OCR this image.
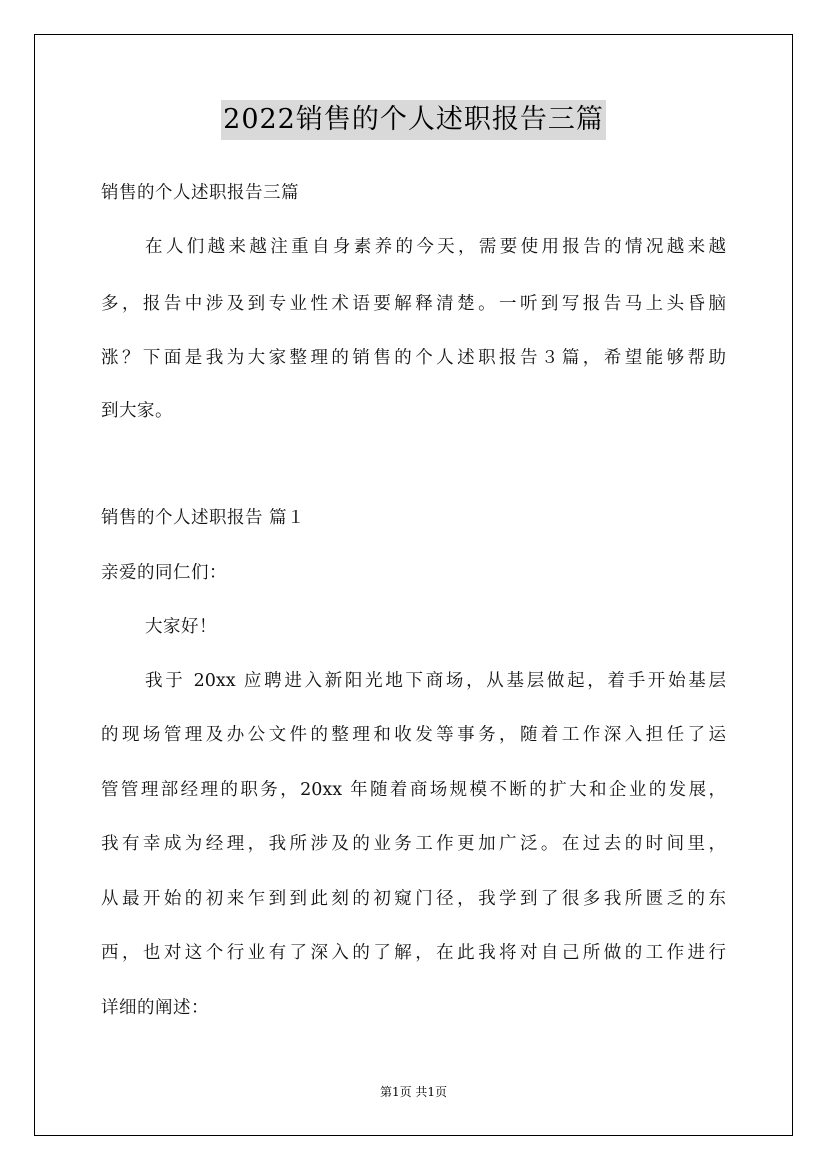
2022销售的个人述职报告三篇
销售的个人述职报告三篇
在人们越来越注重自身素养的今天，需要使用报告的情况越来越
多，报告中涉及到专业性术语要解释清楚。一听到写报告马上头昏脑
涨？下面是我为大家整理的销售的个人述职报告３篇，希望能够帮助
到大家。
销售的个人述职报告 篇１
亲爱的同仁们：
大家好！
我于 20xx 应聘进入新阳光地下商场，从基层做起，着手开始基层
的现场管理及办公文件的整理和收发等事务，随着工作深入担任了运
管管理部经理的职务，20xx 年随着商场规模不断的扩大和企业的发展，
我有幸成为经理，我所涉及的业务工作更加广泛。在过去的时间里，
从最开始的初来乍到到此刻的初窥门径，我学到了很多我所匮乏的东
西，也对这个行业有了深入的了解，在此我将对自己所做的工作进行
详细的阐述：
第1页 共1页
